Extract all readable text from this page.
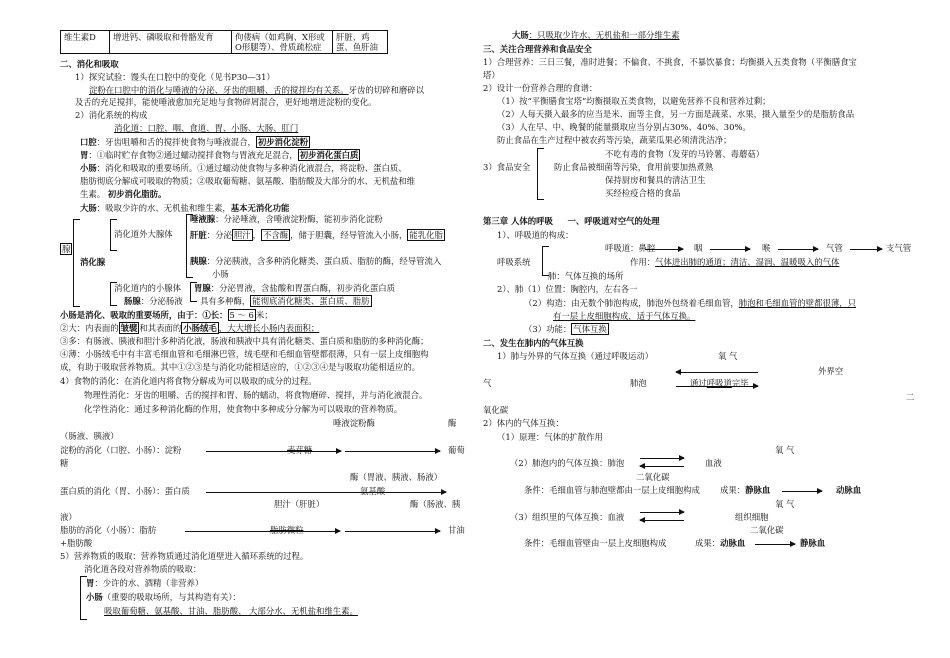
维生素D	增进钙、磷吸取和骨骼发育	佝偻病（如鸡胸、X形或O形腿等）、骨质疏松症	肝脏、鸡蛋、鱼肝油
二、消化和吸取
1）探究试验：馒头在口腔中的变化（见书P30—31）
淀粉在口腔中的消化与唾液的分泌、牙齿的咀嚼、舌的搅拌均有关系。牙齿的切碎和磨碎以
及舌的充足搅拌，能使唾液愈加充足地与食物碎屑混合，更好地增进淀粉的变化。
2）消化系统的构成
消化道：口腔、咽、食道、胃、小肠、大肠、肛门
口腔：牙齿咀嚼和舌的搅拌使食物与唾液混合， 初步消化淀粉
胃：①临时贮存食物②通过蠕动搅拌食物与胃液充足混合， 初步消化蛋白质
小肠：消化和吸取的重要场所。①通过蠕动使食物与多种消化液混合，将淀粉、蛋白质、
脂肪彻底分解成可吸取的物质；②吸取葡萄糖、氨基酸、脂肪酸及大部分的水、无机盐和维
生素。 初步消化脂肪。
大肠：吸取少许的水、无机盐和维生素，基本无消化功能
腺
消化腺
消化道外大腺体
唾液腺：分泌唾液，含唾液淀粉酶，能初步消化淀粉
肝脏：分泌 胆汁 ， 不含酶 ，储于胆囊，经导管流入小肠， 能乳化脂
胰腺：分泌胰液，含多种消化糖类、蛋白质、脂肪的酶，经导管流入
小肠
消化道内的小腺体 胃腺：分泌胃液，含盐酸和胃蛋白酶，初步消化蛋白质
肠腺：分泌肠液 具有多种酶， 能彻底消化糖类、蛋白质、脂肪
小肠是消化、吸取的重要场所，由于：①长： 5 ～ 6 米；
②大：内表面的 皱襞 和其表面的 小肠绒毛 ，大大增长小肠内表面积；
③多：有肠液、胰液和胆汁多种消化液，肠液和胰液中具有消化糖类、蛋白质和脂肪的多种消化酶；
④薄：小肠绒毛中有丰富毛细血管和毛细淋巴管，绒毛壁和毛细血管壁都很薄，只有一层上皮细胞构
成，有助于吸取营养物质。其中①②③是与消化功能相适应的，①②③④是与吸取功能相适应的。
4）食物的消化：在消化道内将食物分解成为可以吸取的成分的过程。
物理性消化：牙齿的咀嚼、舌的搅拌和胃、肠的蠕动，将食物磨碎、搅拌，并与消化液混合。
化学性消化：通过多种消化酶的作用，使食物中多种成分分解为可以吸取的营养物质。
唾液淀粉酶	酶
（肠液、胰液）
淀粉的消化（口腔、小肠）：淀粉	麦芽糖	葡萄
糖
酶（胃液、胰液、肠液）
蛋白质的消化（胃、小肠）：蛋白质	氨基酸
胆汁（肝脏）	酶（肠液、胰
液）
脂肪的消化（小肠）：脂肪	脂肪微粒	甘油
+脂肪酸
5）营养物质的吸取：营养物质通过消化道壁进入循环系统的过程。
消化道各段对营养物质的吸取：
胃：少许的水、酒精（非营养）
小肠（重要的吸取场所，与其构造有关）：
吸取葡萄糖、氨基酸、甘油、脂肪酸、 大部分水、无机盐和维生素。
大肠：只吸取少许水、无机盐和一部分维生素
三、关注合理营养和食品安全
1）合理营养：三日三餐，准时进餐；不偏食、不挑食，不暴饮暴食；均衡摄入五类食物（平衡膳食宝
塔）
2）设计一份营养合理的食谱：
（1）按“平衡膳食宝塔”均衡摄取五类食物，以避免营养不良和营养过剩；
（2）人每天摄入最多的应当是米、面等主食，另一方面是蔬菜、水果，摄入量至少的是脂肪食品
（3）人在早、中、晚餐的能量摄取应当分别占30%、40%、30%。
防止食品在生产过程中被农药等污染，蔬菜瓜果必须清洗洁净；
3）食品安全
不吃有毒的食物（发芽的马铃薯、毒蘑菇）
防止食品被细菌等污染，食用前要加热煮熟
保持厨房和餐具的清洁卫生
买经检疫合格的食品
第三章 人体的呼吸 一、呼吸道对空气的处理
1）、呼吸道的构成：
呼吸道：鼻腔	咽	喉	气管	支气管
呼吸系统	作用：气体进出肺的通道；清洁、湿润、温暖吸入的气体
肺：气体互换的场所
2）、肺（1）位置：胸腔内，左右各一
（2）构造：由无数个肺泡构成，肺泡外包绕着毛细血管，肺泡和毛细血管的壁都很薄，只
有一层上皮细胞构成，适于气体互换。
（3）功能： 气体互换
二、发生在肺内的气体互换
1）肺与外界的气体互换（通过呼吸运动）	氧 气
外界空
气	肺泡	通过呼吸道完毕
二
氧化碳
2）体内的气体互换：
（1）原理：气体的扩散作用
氧 气
（2）肺泡内的气体互换：肺泡	血液
二氧化碳
条件：毛细血管与肺泡壁都由一层上皮细胞构成 成果：静脉血	动脉血
氧 气
（3）组织里的气体互换：血液	组织细胞
二氧化碳
条件：毛细血管壁由一层上皮细胞构成	成果：动脉血	静脉血
